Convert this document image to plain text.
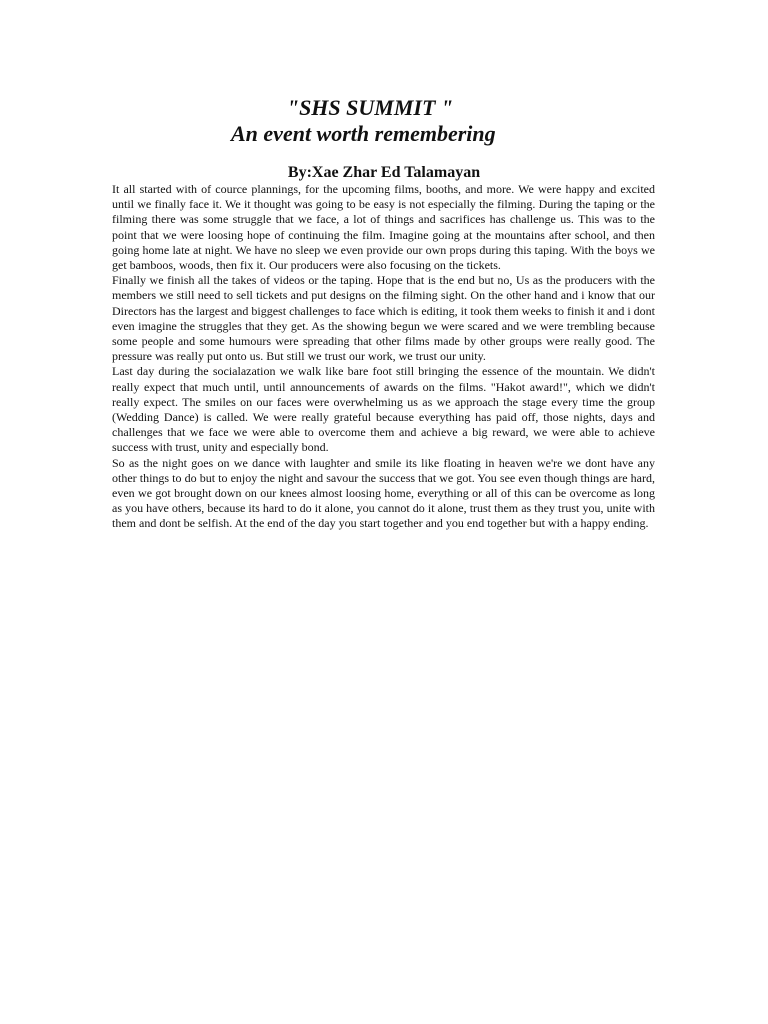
"SHS SUMMIT "
An event worth remembering
By:Xae Zhar Ed Talamayan

It all started with of cource plannings, for the upcoming films, booths, and more. We were happy and excited until we finally face it. We it thought was going to be easy is not especially the filming. During the taping or the filming there was some struggle that we face, a lot of things and sacrifices has challenge us. This was to the point that we were loosing hope of continuing the film. Imagine going at the mountains after school, and then going home late at night. We have no sleep we even provide our own props during this taping. With the boys we get bamboos, woods, then fix it. Our producers were also focusing on the tickets.

Finally we finish all the takes of videos or the taping. Hope that is the end but no, Us as the producers with the members we still need to sell tickets and put designs on the filming sight. On the other hand and i know that our Directors has the largest and biggest challenges to face which is editing, it took them weeks to finish it and i dont even imagine the struggles that they get. As the showing begun we were scared and we were trembling because some people and some humours were spreading that other films made by other groups were really good. The pressure was really put onto us. But still we trust our work, we trust our unity.

Last day during the socialazation we walk like bare foot still bringing the essence of the mountain. We didn't really expect that much until, until announcements of awards on the films. "Hakot award!", which we didn't really expect. The smiles on our faces were overwhelming us as we approach the stage every time the group (Wedding Dance) is called. We were really grateful because everything has paid off, those nights, days and challenges that we face we were able to overcome them and achieve a big reward, we were able to achieve success with trust, unity and especially bond.

So as the night goes on we dance with laughter and smile its like floating in heaven we're we dont have any other things to do but to enjoy the night and savour the success that we got. You see even though things are hard, even we got brought down on our knees almost loosing home, everything or all of this can be overcome as long as you have others, because its hard to do it alone, you cannot do it alone, trust them as they trust you, unite with them and dont be selfish. At the end of the day you start together and you end together but with a happy ending.
